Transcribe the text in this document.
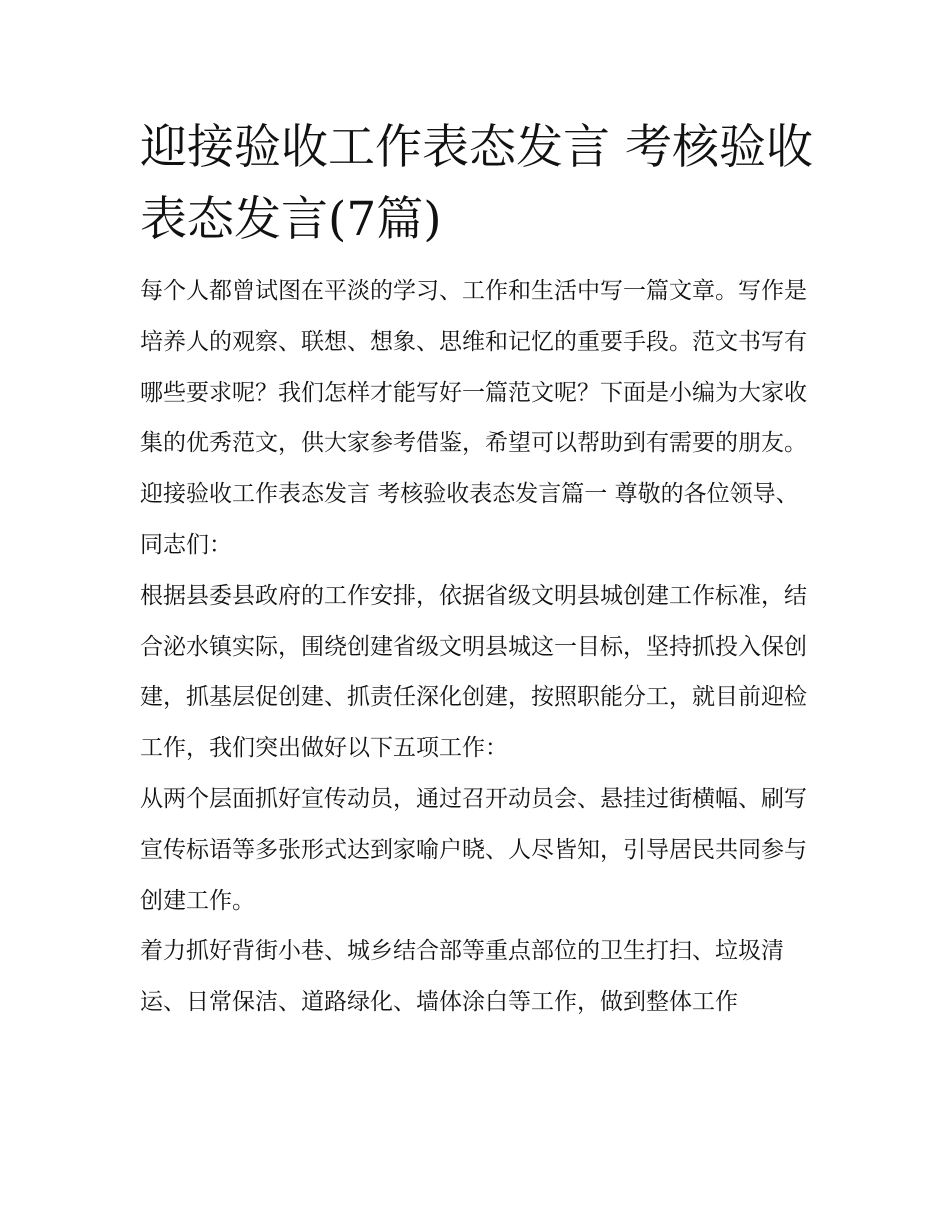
迎接验收工作表态发言 考核验收表态发言(7篇)

每个人都曾试图在平淡的学习、工作和生活中写一篇文章。写作是培养人的观察、联想、想象、思维和记忆的重要手段。范文书写有哪些要求呢？我们怎样才能写好一篇范文呢？下面是小编为大家收集的优秀范文，供大家参考借鉴，希望可以帮助到有需要的朋友。

迎接验收工作表态发言 考核验收表态发言篇一 尊敬的各位领导、同志们：

根据县委县政府的工作安排，依据省级文明县城创建工作标准，结合泌水镇实际，围绕创建省级文明县城这一目标，坚持抓投入保创建，抓基层促创建、抓责任深化创建，按照职能分工，就目前迎检工作，我们突出做好以下五项工作：

从两个层面抓好宣传动员，通过召开动员会、悬挂过街横幅、刷写宣传标语等多张形式达到家喻户晓、人尽皆知，引导居民共同参与创建工作。

着力抓好背街小巷、城乡结合部等重点部位的卫生打扫、垃圾清运、日常保洁、道路绿化、墙体涂白等工作，做到整体工作
